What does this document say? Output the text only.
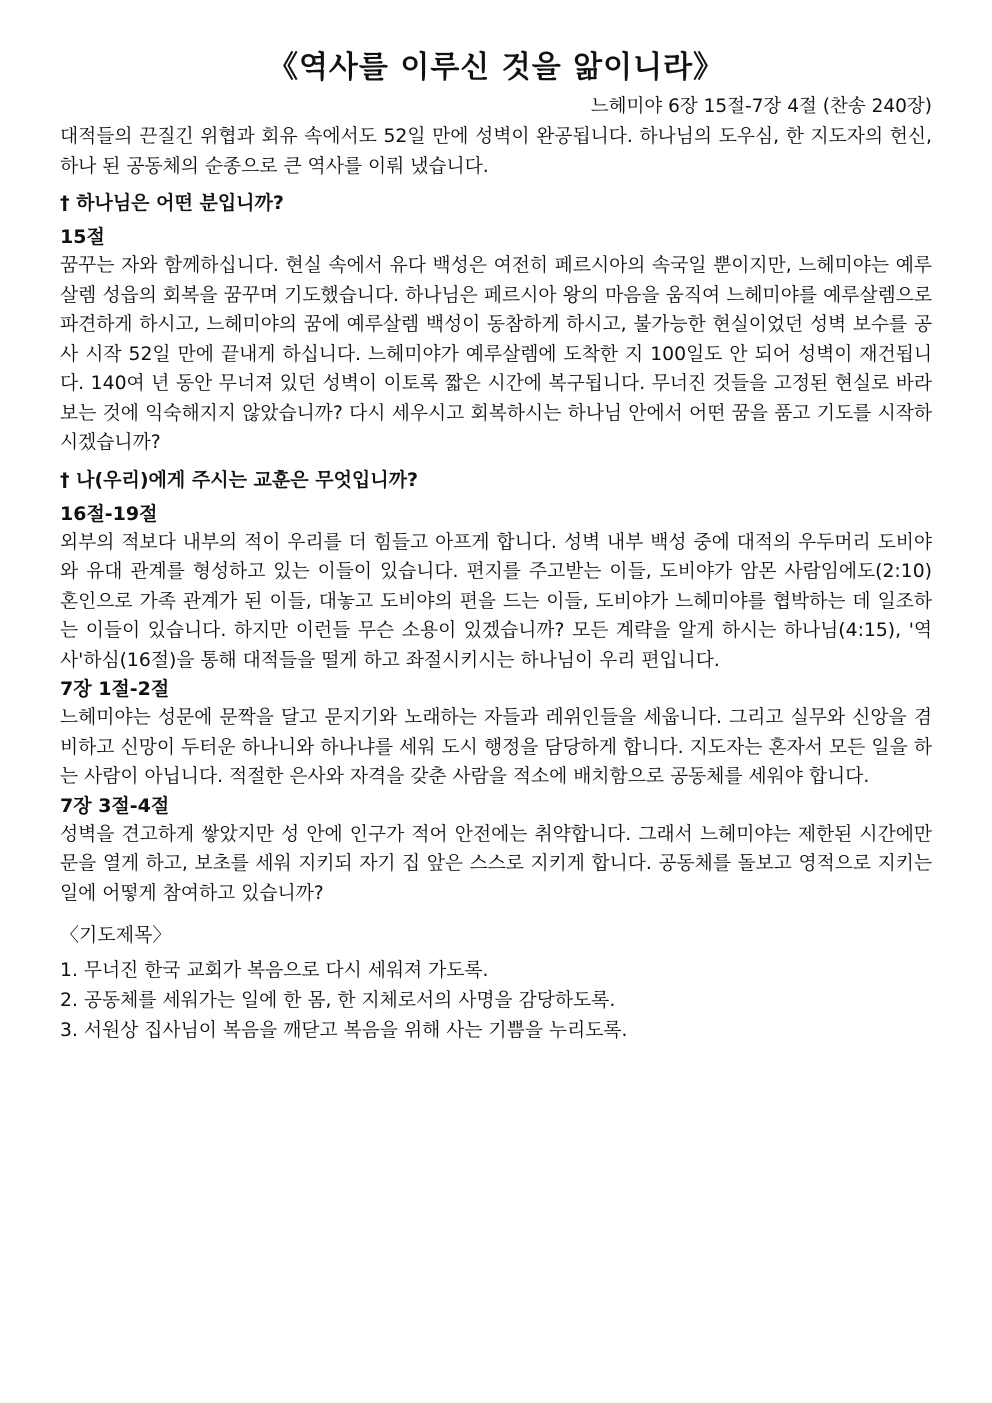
《역사를 이루신 것을 앎이니라》
느헤미야 6장 15절-7장 4절 (찬송 240장)

대적들의 끈질긴 위협과 회유 속에서도 52일 만에 성벽이 완공됩니다. 하나님의 도우심, 한 지도자의 헌신, 하나 된 공동체의 순종으로 큰 역사를 이뤄 냈습니다.

† 하나님은 어떤 분입니까?
15절

꿈꾸는 자와 함께하십니다. 현실 속에서 유다 백성은 여전히 페르시아의 속국일 뿐이지만, 느헤미야는 예루살렘 성읍의 회복을 꿈꾸며 기도했습니다. 하나님은 페르시아 왕의 마음을 움직여 느헤미야를 예루살렘으로 파견하게 하시고, 느헤미야의 꿈에 예루살렘 백성이 동참하게 하시고, 불가능한 현실이었던 성벽 보수를 공사 시작 52일 만에 끝내게 하십니다. 느헤미야가 예루살렘에 도착한 지 100일도 안 되어 성벽이 재건됩니다. 140여 년 동안 무너져 있던 성벽이 이토록 짧은 시간에 복구됩니다. 무너진 것들을 고정된 현실로 바라보는 것에 익숙해지지 않았습니까? 다시 세우시고 회복하시는 하나님 안에서 어떤 꿈을 품고 기도를 시작하시겠습니까?

† 나(우리)에게 주시는 교훈은 무엇입니까?
16절-19절

외부의 적보다 내부의 적이 우리를 더 힘들고 아프게 합니다. 성벽 내부 백성 중에 대적의 우두머리 도비야와 유대 관계를 형성하고 있는 이들이 있습니다. 편지를 주고받는 이들, 도비야가 암몬 사람임에도(2:10) 혼인으로 가족 관계가 된 이들, 대놓고 도비야의 편을 드는 이들, 도비야가 느헤미야를 협박하는 데 일조하는 이들이 있습니다. 하지만 이런들 무슨 소용이 있겠습니까? 모든 계략을 알게 하시는 하나님(4:15), '역사'하심(16절)을 통해 대적들을 떨게 하고 좌절시키시는 하나님이 우리 편입니다.

7장 1절-2절

느헤미야는 성문에 문짝을 달고 문지기와 노래하는 자들과 레위인들을 세웁니다. 그리고 실무와 신앙을 겸비하고 신망이 두터운 하나니와 하나냐를 세워 도시 행정을 담당하게 합니다. 지도자는 혼자서 모든 일을 하는 사람이 아닙니다. 적절한 은사와 자격을 갖춘 사람을 적소에 배치함으로 공동체를 세워야 합니다.

7장 3절-4절

성벽을 견고하게 쌓았지만 성 안에 인구가 적어 안전에는 취약합니다. 그래서 느헤미야는 제한된 시간에만 문을 열게 하고, 보초를 세워 지키되 자기 집 앞은 스스로 지키게 합니다. 공동체를 돌보고 영적으로 지키는 일에 어떻게 참여하고 있습니까?

〈기도제목〉
1. 무너진 한국 교회가 복음으로 다시 세워져 가도록.
2. 공동체를 세워가는 일에 한 몸, 한 지체로서의 사명을 감당하도록.
3. 서원상 집사님이 복음을 깨닫고 복음을 위해 사는 기쁨을 누리도록.
